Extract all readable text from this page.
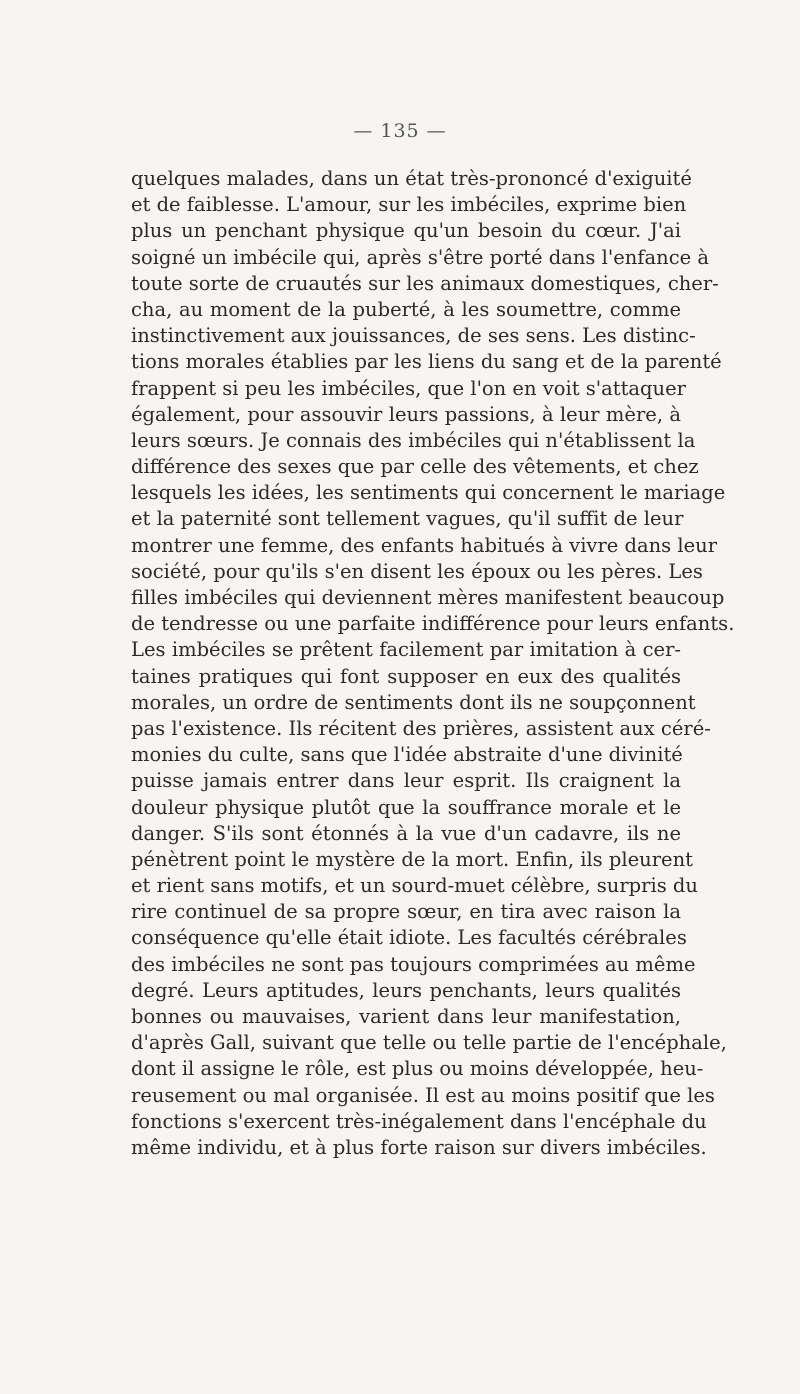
— 135 —
quelques malades, dans un état très-prononcé d'exiguité
et de faiblesse. L'amour, sur les imbéciles, exprime bien
plus un penchant physique qu'un besoin du cœur. J'ai
soigné un imbécile qui, après s'être porté dans l'enfance à
toute sorte de cruautés sur les animaux domestiques, cher-
cha, au moment de la puberté, à les soumettre, comme
instinctivement aux jouissances, de ses sens. Les distinc-
tions morales établies par les liens du sang et de la parenté
frappent si peu les imbéciles, que l'on en voit s'attaquer
également, pour assouvir leurs passions, à leur mère, à
leurs sœurs. Je connais des imbéciles qui n'établissent la
différence des sexes que par celle des vêtements, et chez
lesquels les idées, les sentiments qui concernent le mariage
et la paternité sont tellement vagues, qu'il suffit de leur
montrer une femme, des enfants habitués à vivre dans leur
société, pour qu'ils s'en disent les époux ou les pères. Les
filles imbéciles qui deviennent mères manifestent beaucoup
de tendresse ou une parfaite indifférence pour leurs enfants.
Les imbéciles se prêtent facilement par imitation à cer-
taines pratiques qui font supposer en eux des qualités
morales, un ordre de sentiments dont ils ne soupçonnent
pas l'existence. Ils récitent des prières, assistent aux céré-
monies du culte, sans que l'idée abstraite d'une divinité
puisse jamais entrer dans leur esprit. Ils craignent la
douleur physique plutôt que la souffrance morale et le
danger. S'ils sont étonnés à la vue d'un cadavre, ils ne
pénètrent point le mystère de la mort. Enfin, ils pleurent
et rient sans motifs, et un sourd-muet célèbre, surpris du
rire continuel de sa propre sœur, en tira avec raison la
conséquence qu'elle était idiote. Les facultés cérébrales
des imbéciles ne sont pas toujours comprimées au même
degré. Leurs aptitudes, leurs penchants, leurs qualités
bonnes ou mauvaises, varient dans leur manifestation,
d'après Gall, suivant que telle ou telle partie de l'encéphale,
dont il assigne le rôle, est plus ou moins développée, heu-
reusement ou mal organisée. Il est au moins positif que les
fonctions s'exercent très-inégalement dans l'encéphale du
même individu, et à plus forte raison sur divers imbéciles.
